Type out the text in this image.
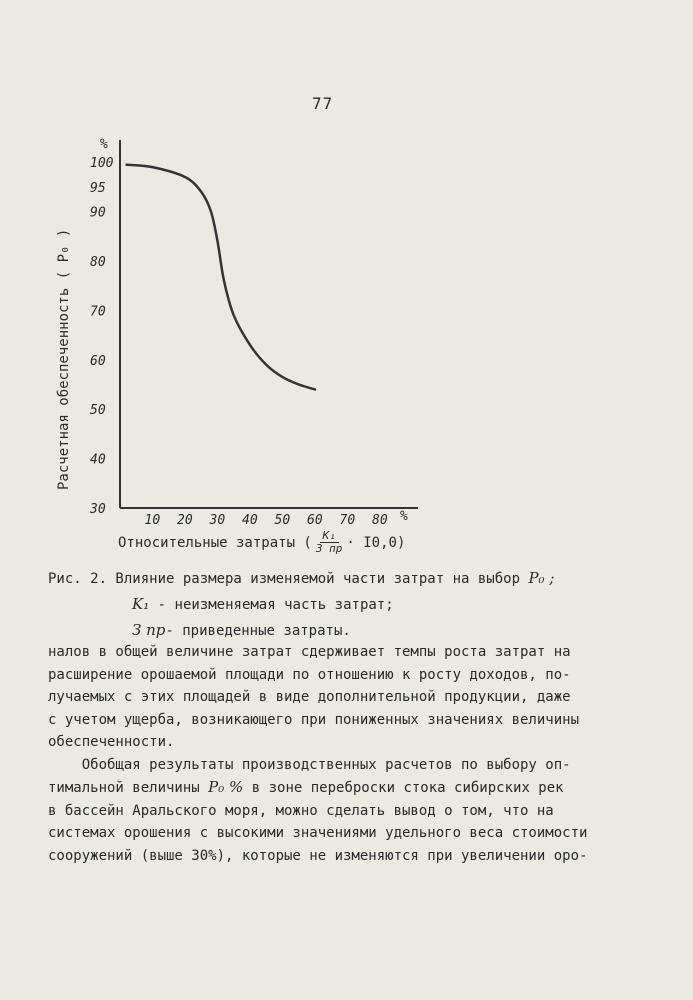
77
%
100
95
90
80
70
60
50
40
30
10 20 30 40 50 60 70 80 %
Расчетная обеспеченность ( P₀ )
Относительные затраты ( $\frac{\text{K₁}}{\text{З пр}} \cdot I0,0$)
Рис. 2. Влияние размера изменяемой части затрат на выбор P₀ ;
K₁ - неизменяемая часть затрат;
З пр- приведенные затраты.

налов в общей величине затрат сдерживает темпы роста затрат на
расширение орошаемой площади по отношению к росту доходов, по-
лучаемых с этих площадей в виде дополнительной продукции, даже
с учетом ущерба, возникающего при пониженных значениях величины
обеспеченности.

Обобщая результаты производственных расчетов по выбору оп-
тимальной величины P₀ % в зоне переброски стока сибирских рек
в бассейн Аральского моря, можно сделать вывод о том, что на
системах орошения с высокими значениями удельного веса стоимости
сооружений (выше 30%), которые не изменяются при увеличении оро-
